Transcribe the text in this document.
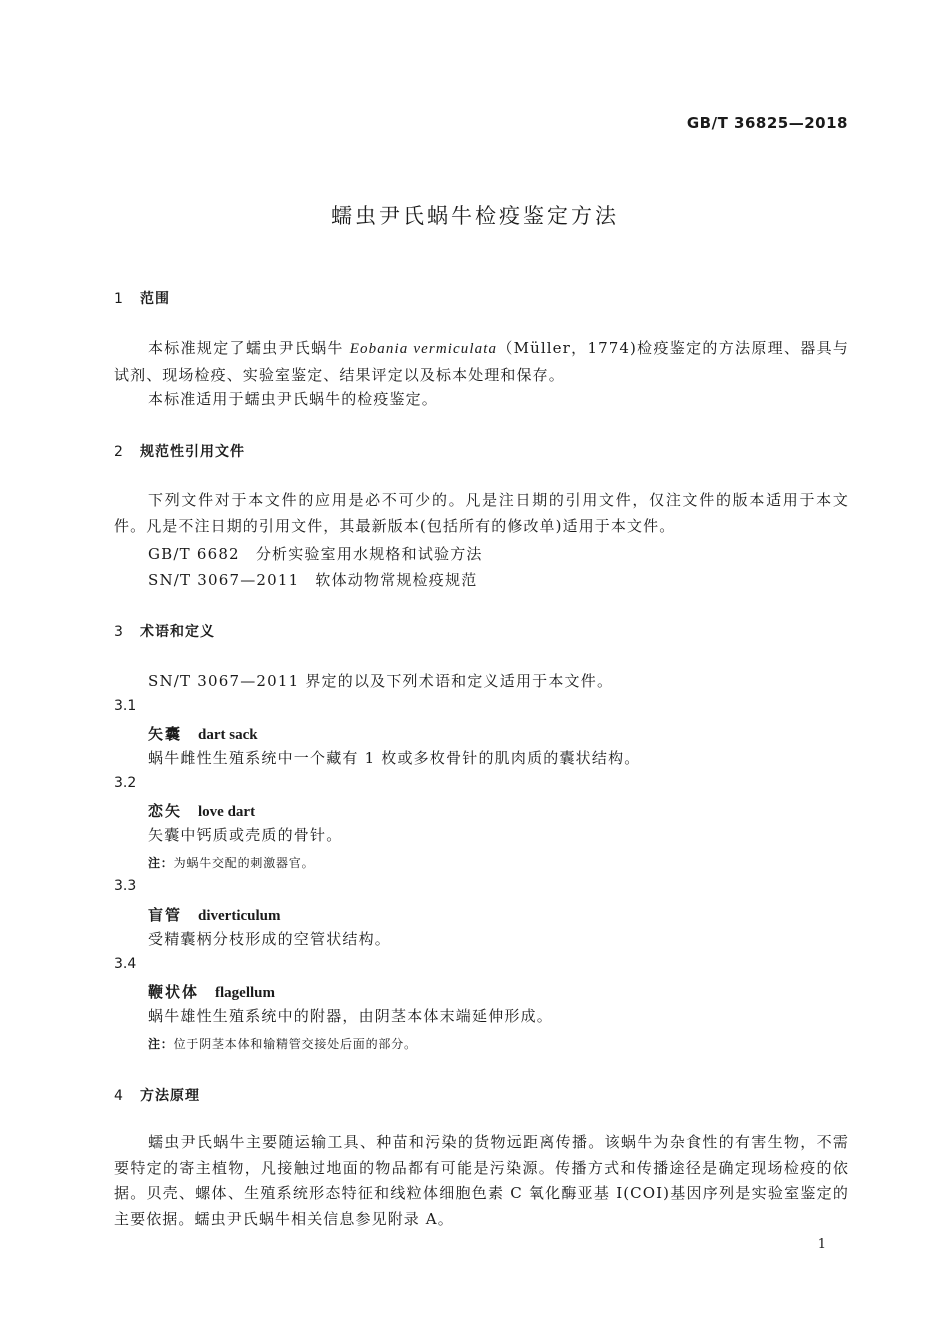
GB/T 36825—2018
蠕虫尹氏蜗牛检疫鉴定方法
1 范围
本标准规定了蠕虫尹氏蜗牛 Eobania vermiculata（Müller，1774)检疫鉴定的方法原理、器具与试剂、现场检疫、实验室鉴定、结果评定以及标本处理和保存。
本标准适用于蠕虫尹氏蜗牛的检疫鉴定。
2 规范性引用文件
下列文件对于本文件的应用是必不可少的。凡是注日期的引用文件，仅注文件的版本适用于本文件。凡是不注日期的引用文件，其最新版本(包括所有的修改单)适用于本文件。
GB/T 6682 分析实验室用水规格和试验方法
SN/T 3067—2011 软体动物常规检疫规范
3 术语和定义
SN/T 3067—2011 界定的以及下列术语和定义适用于本文件。
3.1
矢囊 dart sack
蜗牛雌性生殖系统中一个藏有 1 枚或多枚骨针的肌肉质的囊状结构。
3.2
恋矢 love dart
矢囊中钙质或壳质的骨针。
注：为蜗牛交配的刺激器官。
3.3
盲管 diverticulum
受精囊柄分枝形成的空管状结构。
3.4
鞭状体 flagellum
蜗牛雄性生殖系统中的附器，由阴茎本体末端延伸形成。
注：位于阴茎本体和输精管交接处后面的部分。
4 方法原理
蠕虫尹氏蜗牛主要随运输工具、种苗和污染的货物远距离传播。该蜗牛为杂食性的有害生物，不需要特定的寄主植物，凡接触过地面的物品都有可能是污染源。传播方式和传播途径是确定现场检疫的依据。贝壳、螺体、生殖系统形态特征和线粒体细胞色素 C 氧化酶亚基 I(COI)基因序列是实验室鉴定的主要依据。蠕虫尹氏蜗牛相关信息参见附录 A。
1
